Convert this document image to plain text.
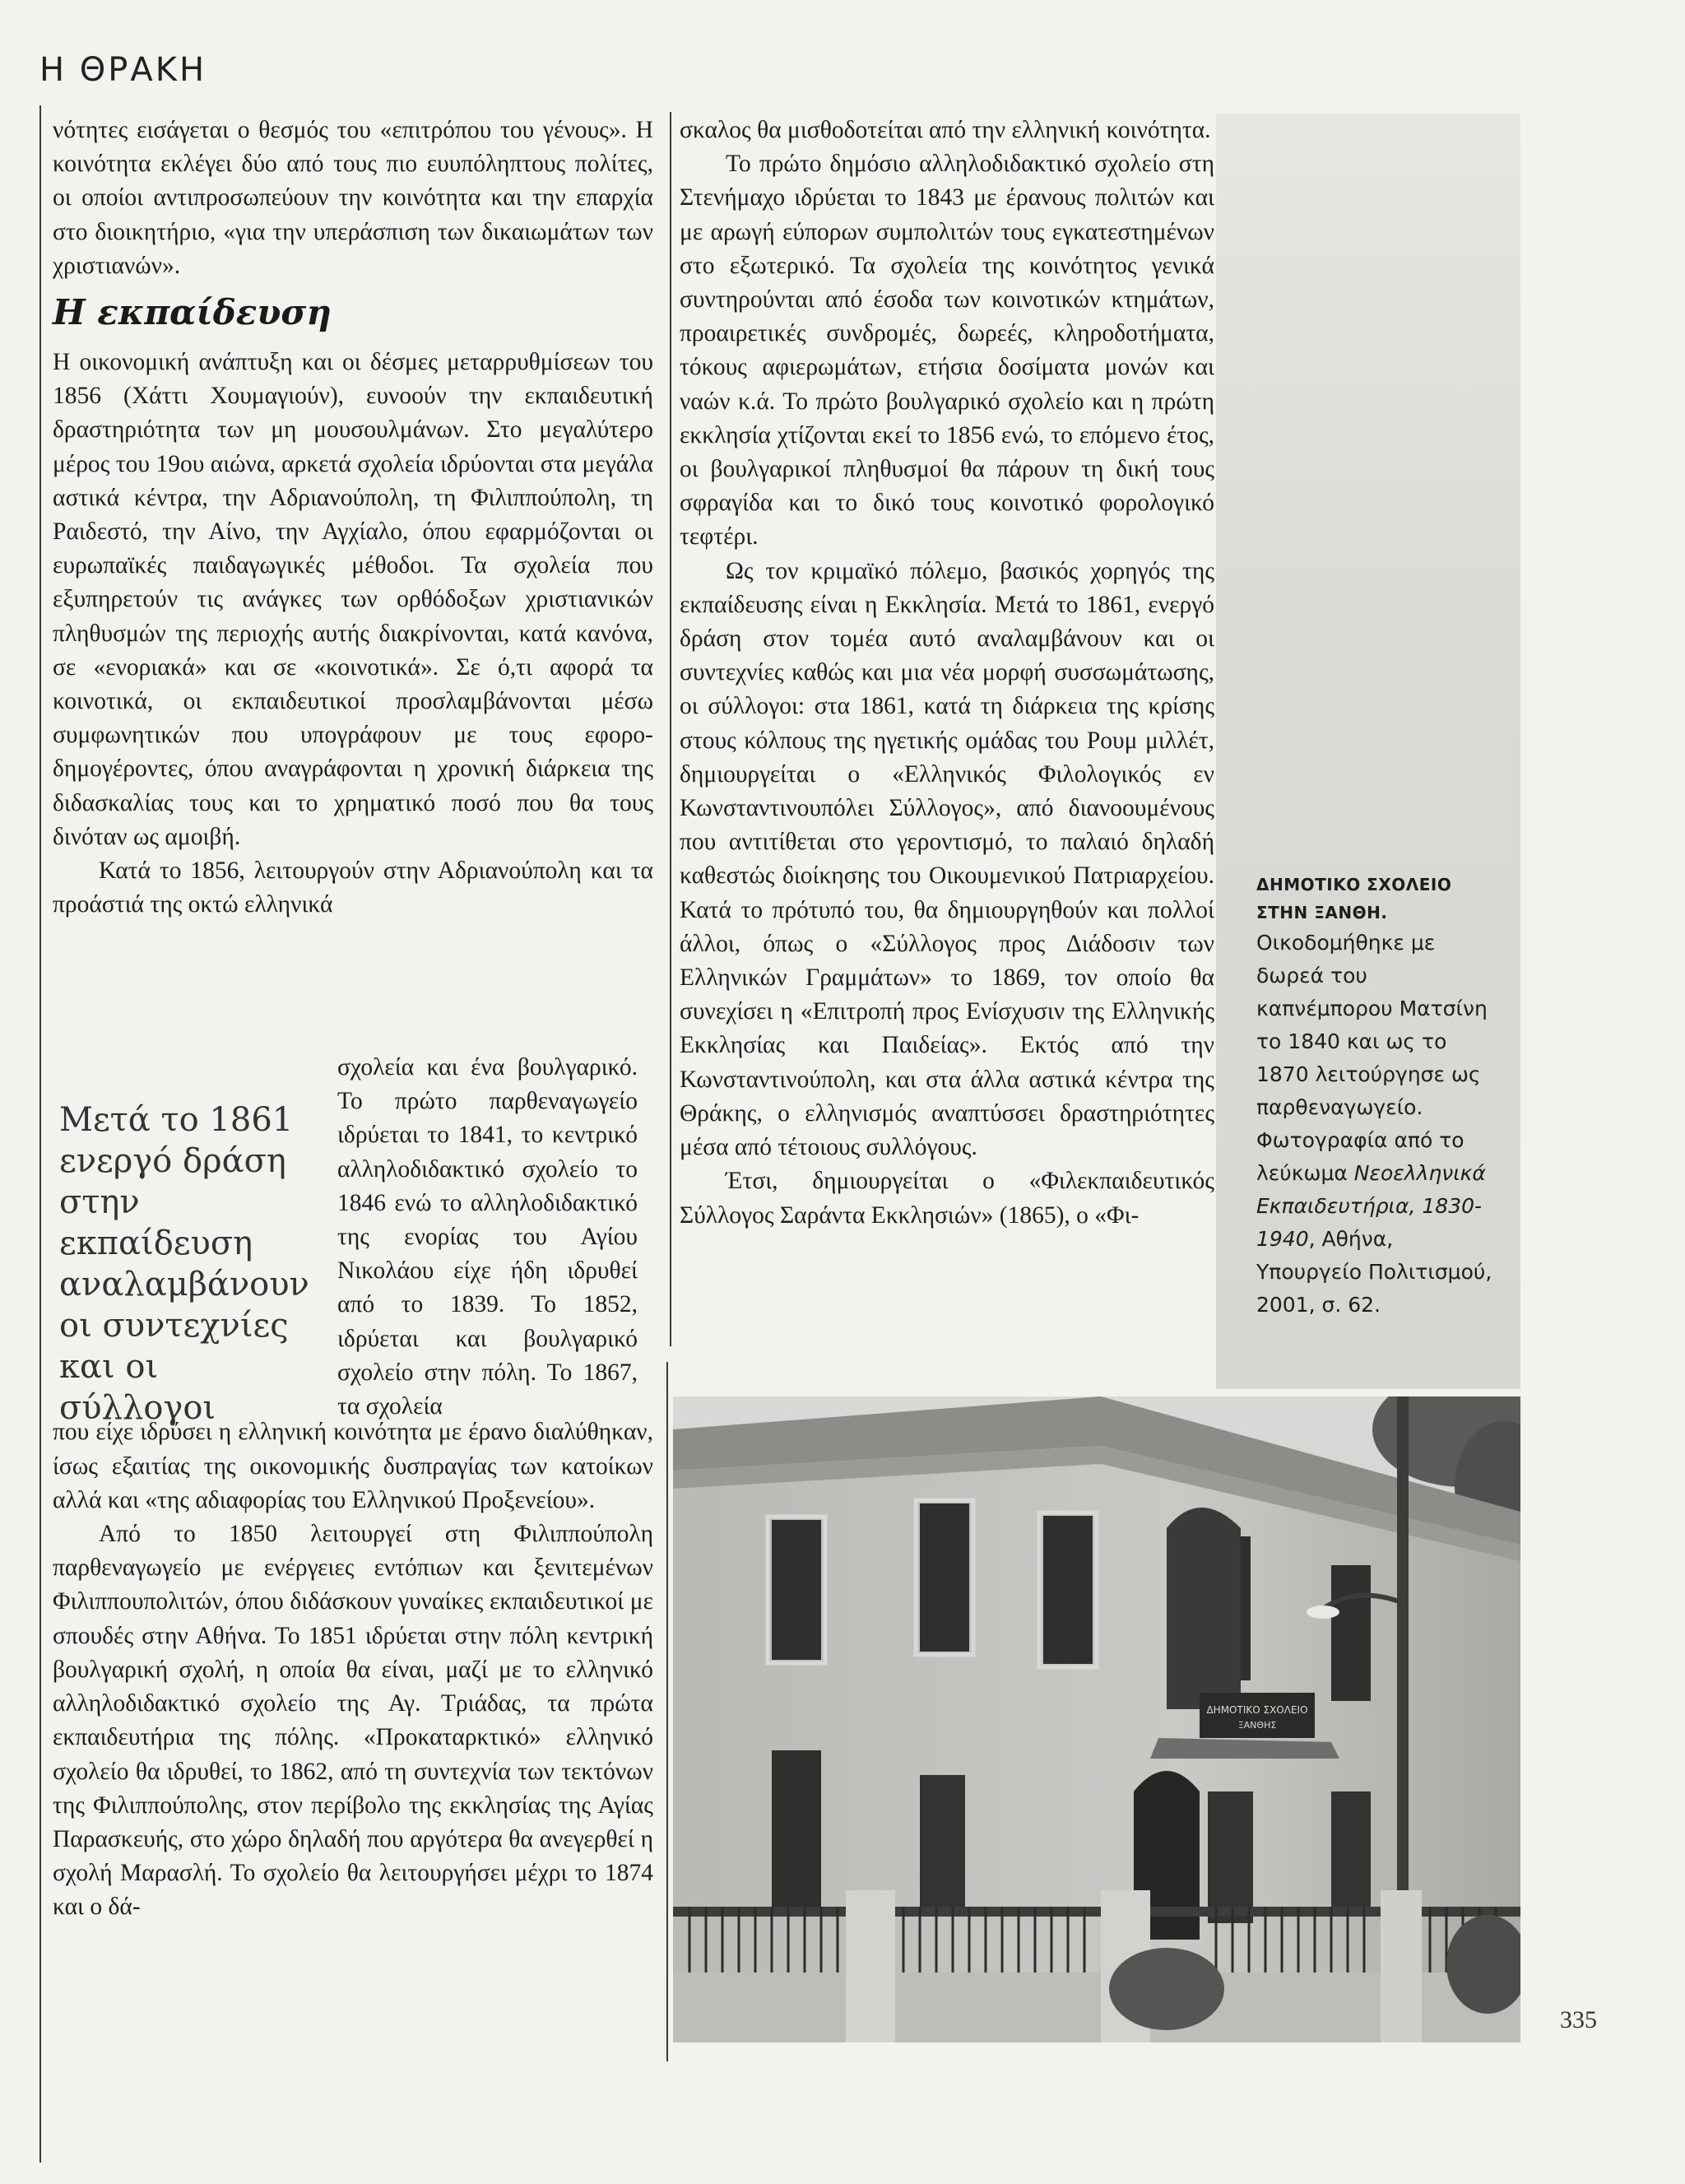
Η ΘΡΑΚΗ

νότητες εισάγεται ο θεσμός του «επιτρόπου του γένους». Η κοινότητα εκλέγει δύο από τους πιο ευυπόληπτους πολίτες, οι οποίοι αντιπροσωπεύουν την κοινότητα και την επαρχία στο διοικητήριο, «για την υπεράσπιση των δικαιωμάτων των χριστιανών».

Η εκπαίδευση

Η οικονομική ανάπτυξη και οι δέσμες μεταρρυθμίσεων του 1856 (Χάττι Χουμαγιούν), ευνοούν την εκπαιδευτική δραστηριότητα των μη μουσουλμάνων. Στο μεγαλύτερο μέρος του 19ου αιώνα, αρκετά σχολεία ιδρύονται στα μεγάλα αστικά κέντρα, την Αδριανούπολη, τη Φιλιππούπολη, τη Ραιδεστό, την Αίνο, την Αγχίαλο, όπου εφαρμόζονται οι ευρωπαϊκές παιδαγωγικές μέθοδοι. Τα σχολεία που εξυπηρετούν τις ανάγκες των ορθόδοξων χριστιανικών πληθυσμών της περιοχής αυτής διακρίνονται, κατά κανόνα, σε «ενοριακά» και σε «κοινοτικά». Σε ό,τι αφορά τα κοινοτικά, οι εκπαιδευτικοί προσλαμβάνονται μέσω συμφωνητικών που υπογράφουν με τους εφορο-δημογέροντες, όπου αναγράφονται η χρονική διάρκεια της διδασκαλίας τους και το χρηματικό ποσό που θα τους δινόταν ως αμοιβή.

Κατά το 1856, λειτουργούν στην Αδριανούπολη και τα προάστιά της οκτώ ελληνικά

που είχε ιδρύσει η ελληνική κοινότητα με έρανο διαλύθηκαν, ίσως εξαιτίας της οικονομικής δυσπραγίας των κατοίκων αλλά και «της αδιαφορίας του Ελληνικού Προξενείου».

Από το 1850 λειτουργεί στη Φιλιππούπολη παρθεναγωγείο με ενέργειες εντόπιων και ξενιτεμένων Φιλιππουπολιτών, όπου διδάσκουν γυναίκες εκπαιδευτικοί με σπουδές στην Αθήνα. Το 1851 ιδρύεται στην πόλη κεντρική βουλγαρική σχολή, η οποία θα είναι, μαζί με το ελληνικό αλληλοδιδακτικό σχολείο της Αγ. Τριάδας, τα πρώτα εκπαιδευτήρια της πόλης. «Προκαταρκτικό» ελληνικό σχολείο θα ιδρυθεί, το 1862, από τη συντεχνία των τεκτόνων της Φιλιππούπολης, στον περίβολο της εκκλησίας της Αγίας Παρασκευής, στο χώρο δηλαδή που αργότερα θα ανεγερθεί η σχολή Μαρασλή. Το σχολείο θα λειτουργήσει μέχρι το 1874 και ο δά-

σχολεία και ένα βουλγαρικό. Το πρώτο παρθεναγωγείο ιδρύεται το 1841, το κεντρικό αλληλοδιδακτικό σχολείο το 1846 ενώ το αλληλοδιδακτικό της ενορίας του Αγίου Νικολάου είχε ήδη ιδρυθεί από το 1839. Το 1852, ιδρύεται και βουλγαρικό σχολείο στην πόλη. Το 1867, τα σχολεία
Μετά το 1861 ενεργό δράση στην εκπαίδευση αναλαμβάνουν οι συντεχνίες και οι σύλλογοι

σκαλος θα μισθοδοτείται από την ελληνική κοινότητα.

Το πρώτο δημόσιο αλληλοδιδακτικό σχολείο στη Στενήμαχο ιδρύεται το 1843 με έρανους πολιτών και με αρωγή εύπορων συμπολιτών τους εγκατεστημένων στο εξωτερικό. Τα σχολεία της κοινότητος γενικά συντηρούνται από έσοδα των κοινοτικών κτημάτων, προαιρετικές συνδρομές, δωρεές, κληροδοτήματα, τόκους αφιερωμάτων, ετήσια δοσίματα μονών και ναών κ.ά. Το πρώτο βουλγαρικό σχολείο και η πρώτη εκκλησία χτίζονται εκεί το 1856 ενώ, το επόμενο έτος, οι βουλγαρικοί πληθυσμοί θα πάρουν τη δική τους σφραγίδα και το δικό τους κοινοτικό φορολογικό τεφτέρι.

Ως τον κριμαϊκό πόλεμο, βασικός χορηγός της εκπαίδευσης είναι η Εκκλησία. Μετά το 1861, ενεργό δράση στον τομέα αυτό αναλαμβάνουν και οι συντεχνίες καθώς και μια νέα μορφή συσσωμάτωσης, οι σύλλογοι: στα 1861, κατά τη διάρκεια της κρίσης στους κόλπους της ηγετικής ομάδας του Ρουμ μιλλέτ, δημιουργείται ο «Ελληνικός Φιλολογικός εν Κωνσταντινουπόλει Σύλλογος», από διανοουμένους που αντιτίθεται στο γεροντισμό, το παλαιό δηλαδή καθεστώς διοίκησης του Οικουμενικού Πατριαρχείου. Κατά το πρότυπό του, θα δημιουργηθούν και πολλοί άλλοι, όπως ο «Σύλλογος προς Διάδοσιν των Ελληνικών Γραμμάτων» το 1869, τον οποίο θα συνεχίσει η «Επιτροπή προς Ενίσχυσιν της Ελληνικής Εκκλησίας και Παιδείας». Εκτός από την Κωνσταντινούπολη, και στα άλλα αστικά κέντρα της Θράκης, ο ελληνισμός αναπτύσσει δραστηριότητες μέσα από τέτοιους συλλόγους.

Έτσι, δημιουργείται ο «Φιλεκπαιδευτικός Σύλλογος Σαράντα Εκκλησιών» (1865), ο «Φι-

ΔΗΜΟΤΙΚΟ ΣΧΟΛΕΙΟ
ΣΤΗΝ ΞΑΝΘΗ.
Οικοδομήθηκε με δωρεά του καπνέμπορου Ματσίνη το 1840 και ως το 1870 λειτούργησε ως παρθεναγωγείο. Φωτογραφία από το λεύκωμα Νεοελληνικά Εκπαιδευτήρια, 1830-1940, Αθήνα, Υπουργείο Πολιτισμού, 2001, σ. 62.
ΔΗΜΟΤΙΚΟ ΣΧΟΛΕΙΟ
ΞΑΝΘΗΣ
335
